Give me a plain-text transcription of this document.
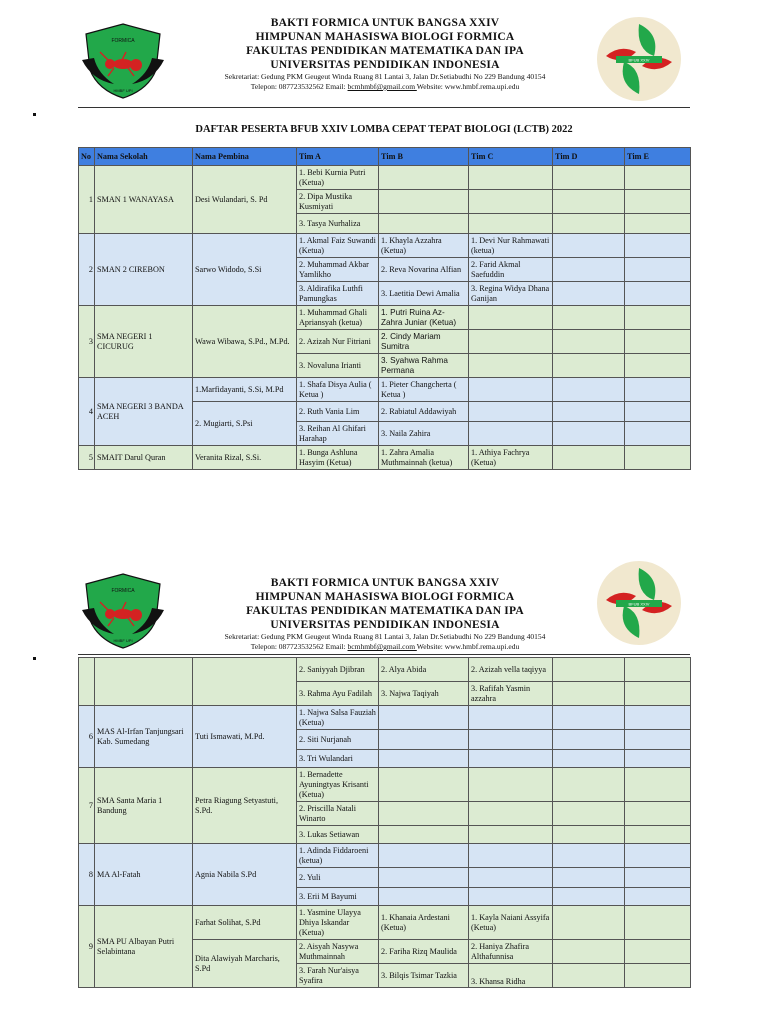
FORMICA
HMBF UPI
BAKTI FORMICA UNTUK BANGSA XXIV
HIMPUNAN MAHASISWA BIOLOGI FORMICA
FAKULTAS PENDIDIKAN MATEMATIKA DAN IPA
UNIVERSITAS PENDIDIKAN INDONESIA
Sekretariat: Gedung PKM Geugeut Winda Ruang 81 Lantai 3, Jalan Dr.Setiabudhi No 229 Bandung 40154
Telepon: 087723532562 Email: bcmhmbf@gmail.com Website: www.hmbf.rema.upi.edu
BFUB XXIV
DAFTAR PESERTA BFUB XXIV LOMBA CEPAT TEPAT BIOLOGI (LCTB) 2022
No	Nama Sekolah	Nama Pembina	Tim A	Tim B	Tim C	Tim D	Tim E
1	SMAN 1 WANAYASA	Desi Wulandari, S. Pd	1. Bebi Kurnia Putri (Ketua)				
			2. Dipa Mustika Kusmiyati				
			3. Tasya Nurhaliza				
2	SMAN 2 CIREBON	Sarwo Widodo, S.Si	1. Akmal Faiz Suwandi (Ketua)	1. Khayla Azzahra (Ketua)	1. Devi Nur Rahmawati (ketua)		
			2. Muhammad Akbar Yamlikho	2. Reva Novarina Alfian	2. Farid Akmal Saefuddin		
			3. Aldirafika Luthfi Pamungkas	3. Laetitia Dewi Amalia	3. Regina Widya Dhana Ganijan		
3	SMA NEGERI 1 CICURUG	Wawa Wibawa, S.Pd., M.Pd.	1. Muhammad Ghali Apriansyah (ketua)	1. Putri Ruina Az-Zahra Juniar (Ketua)			
			2. Azizah Nur Fitriani	2. Cindy Mariam Sumitra			
			3. Novaluna Irianti	3. Syahwa Rahma Permana			
4	SMA NEGERI 3 BANDA ACEH	1.Marfidayanti, S.Si, M.Pd	1. Shafa Disya Aulia ( Ketua )	1. Pieter Changcherta ( Ketua )			
		2. Mugiarti, S.Psi	2. Ruth Vania Lim	2. Rabiatul Addawiyah			
			3. Reihan Al Ghifari Harahap	3. Naila Zahira			
5	SMAIT Darul Quran	Veranita Rizal, S.Si.	1. Bunga Ashluna Hasyim (Ketua)	1. Zahra Amalia Muthmainnah (ketua)	1. Athiya Fachrya (Ketua)		
FORMICA
HMBF UPI
BAKTI FORMICA UNTUK BANGSA XXIV
HIMPUNAN MAHASISWA BIOLOGI FORMICA
FAKULTAS PENDIDIKAN MATEMATIKA DAN IPA
UNIVERSITAS PENDIDIKAN INDONESIA
Sekretariat: Gedung PKM Geugeut Winda Ruang 81 Lantai 3, Jalan Dr.Setiabudhi No 229 Bandung 40154
Telepon: 087723532562 Email: bcmhmbf@gmail.com Website: www.hmbf.rema.upi.edu
BFUB XXIV
			2. Saniyyah Djibran	2. Alya Abida	2. Azizah vella taqiyya		
			3. Rahma Ayu Fadilah	3. Najwa Taqiyah	3. Rafifah Yasmin azzahra		
6	MAS Al-Irfan Tanjungsari Kab. Sumedang	Tuti Ismawati, M.Pd.	1. Najwa Salsa Fauziah (Ketua)				
			2. Siti Nurjanah				
			3. Tri Wulandari				
7	SMA Santa Maria 1 Bandung	Petra Riagung Setyastuti, S.Pd.	1. Bernadette Ayuningtyas Krisanti (Ketua)				
			2. Priscilla Natali Winarto				
			3. Lukas Setiawan				
8	MA Al-Fatah	Agnia Nabila S.Pd	1. Adinda Fiddaroeni (ketua)				
			2. Yuli				
			3. Erii M Bayumi				
9	SMA PU Albayan Putri Selabintana	Farhat Solihat, S.Pd	1. Yasmine Ulayya Dhiya Iskandar (Ketua)	1. Khanaia Ardestani (Ketua)	1. Kayla Naiani Assyifa (Ketua)		
		Dita Alawiyah Marcharis, S.Pd	2. Aisyah Nasywa Muthmainnah	2. Fariha Rizq Maulida	2. Haniya Zhafira Althafunnisa		
			3. Farah Nur'aisya Syafira	3. Bilqis Tsimar Tazkia	3. Khansa Ridha		
